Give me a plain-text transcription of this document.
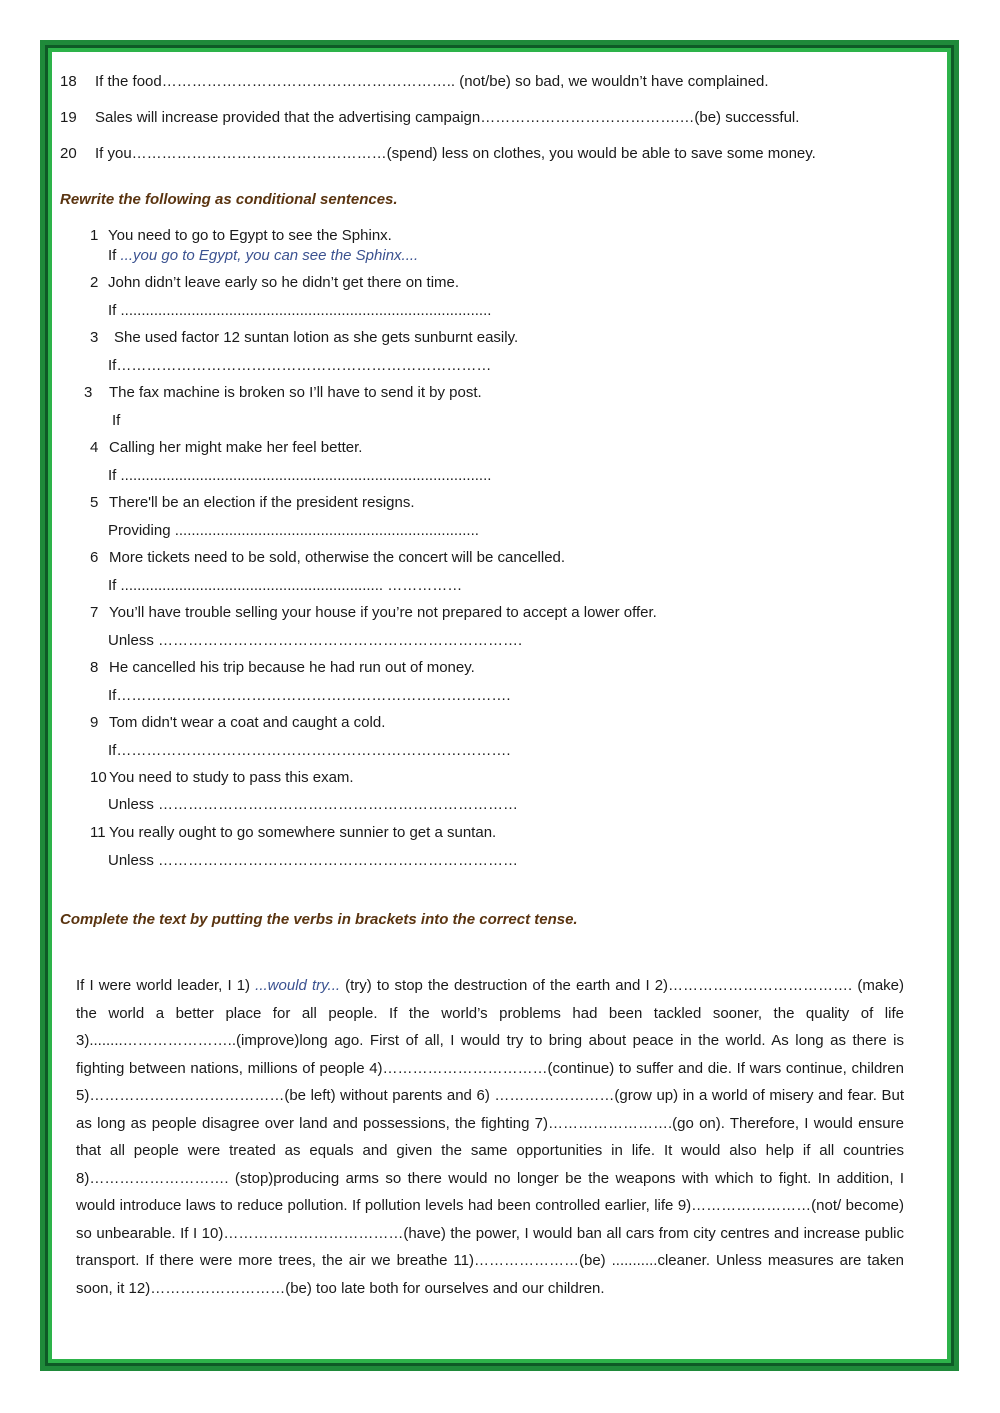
18 If the food………………………………………………….. (not/be) so bad, we wouldn’t have complained.
19 Sales will increase provided that the advertising campaign………………………………….…(be) successful.
20 If you……………………………………………(spend) less on clothes, you would be able to save some money.
Rewrite the following as conditional sentences.
1 You need to go to Egypt to see the Sphinx.
If ...you go to Egypt, you can see the Sphinx....
2 John didn’t leave early so he didn’t get there on time.
If .........................................................................................
3 She used factor 12 suntan lotion as she gets sunburnt easily.
If…………………………………………………………………
3 The fax machine is broken so I’ll have to send it by post.
If
4 Calling her might make her feel better.
If .........................................................................................
5 There'll be an election if the president resigns.
Providing .........................................................................
6 More tickets need to be sold, otherwise the concert will be cancelled.
If ............................................................... ……………
7 You’ll have trouble selling your house if you’re not prepared to accept a lower offer.
Unless ……………………………………………………………….
8 He cancelled his trip because he had run out of money.
If…………………………………………………………………….
9 Tom didn't wear a coat and caught a cold.
If…………………………………………………………………….
10 You need to study to pass this exam.
Unless ………………………………………………………………
11 You really ought to go somewhere sunnier to get a suntan.
Unless ………………………………………………………………
Complete the text by putting the verbs in brackets into the correct tense.

If I were world leader, I 1) ...would try... (try) to stop the destruction of the earth and I 2)………………………………. (make) the world a better place for all people. If the world’s problems had been tackled sooner, the quality of life 3)........…………………..(improve)long ago. First of all, I would try to bring about peace in the world. As long as there is fighting between nations, millions of people 4)……………………………(continue) to suffer and die. If wars continue, children 5)…………………………………(be left) without parents and 6) ……………………(grow up) in a world of misery and fear. But as long as people disagree over land and possessions, the fighting 7)…………………….(go on). Therefore, I would ensure that all people were treated as equals and given the same opportunities in life. It would also help if all countries 8)………………………. (stop)producing arms so there would no longer be the weapons with which to fight. In addition, I would introduce laws to reduce pollution. If pollution levels had been controlled earlier, life 9)……………………(not/ become) so unbearable. If I 10)………………………………(have) the power, I would ban all cars from city centres and increase public transport. If there were more trees, the air we breathe 11)…………………(be) ...........cleaner. Unless measures are taken soon, it 12)………………………(be) too late both for ourselves and our children.
